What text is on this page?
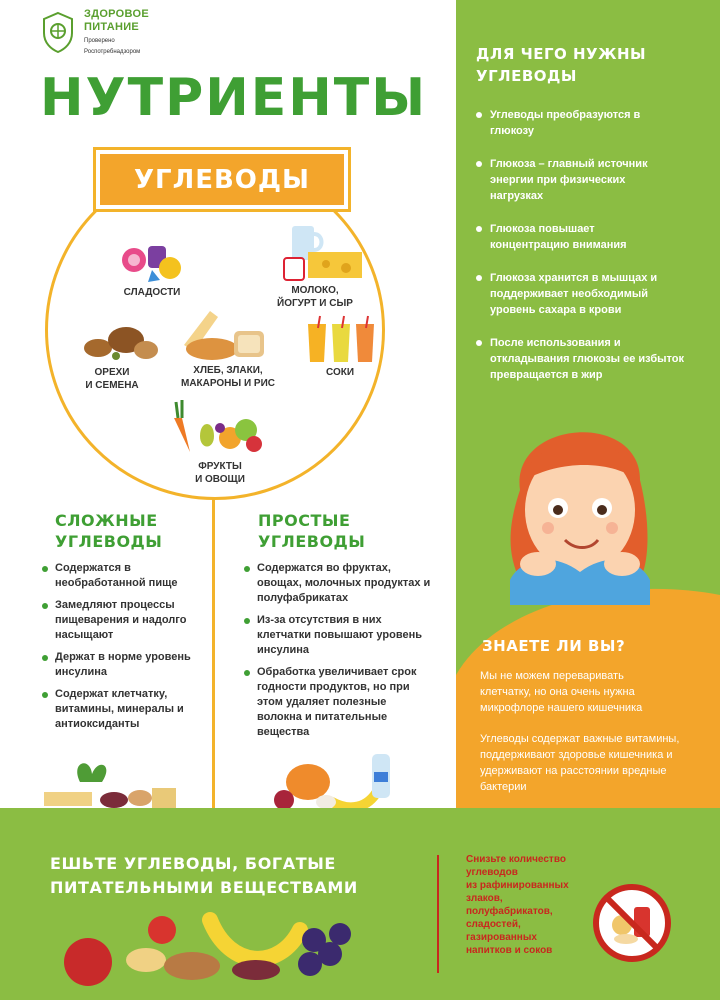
ЗДОРОВОЕ
ПИТАНИЕ
Проверено
Роспотребнадзором
НУТРИЕНТЫ
УГЛЕВОДЫ
СЛАДОСТИ	МОЛОКО,
ЙОГУРТ И СЫР
ОРЕХИ
И СЕМЕНА
ХЛЕБ, ЗЛАКИ,
МАКАРОНЫ И РИС
СОКИ
ФРУКТЫ
И ОВОЩИ
СЛОЖНЫЕ
УГЛЕВОДЫ
Содержатся в необработанной пище
Замедляют процессы пищеварения и надолго насыщают
Держат в норме уровень инсулина
Содержат клетчатку, витамины, минералы и антиоксиданты
ПРОСТЫЕ
УГЛЕВОДЫ
Содержатся во фруктах, овощах, молочных продуктах и полуфабрикатах
Из-за отсутствия в них клетчатки повышают уровень инсулина
Обработка увеличивает срок годности продуктов, но при этом удаляет полезные волокна и питательные вещества
ДЛЯ ЧЕГО НУЖНЫ
УГЛЕВОДЫ
Углеводы преобразуются в глюкозу
Глюкоза – главный источник энергии при физических нагрузках
Глюкоза повышает концентрацию внимания
Глюкоза хранится в мышцах и поддерживает необходимый уровень сахара в крови
После использования и откладывания глюкозы ее избыток превращается в жир
ЗНАЕТЕ ЛИ ВЫ?
Мы не можем переваривать клетчатку, но она очень нужна микрофлоре нашего кишечника
Углеводы содержат важные витамины, поддерживают здоровье кишечника и удерживают на расстоянии вредные бактерии
ЕШЬТЕ УГЛЕВОДЫ, БОГАТЫЕ
ПИТАТЕЛЬНЫМИ ВЕЩЕСТВАМИ
Снизьте количество
углеводов
из рафинированных
злаков,
полуфабрикатов,
сладостей,
газированных
напитков и соков
